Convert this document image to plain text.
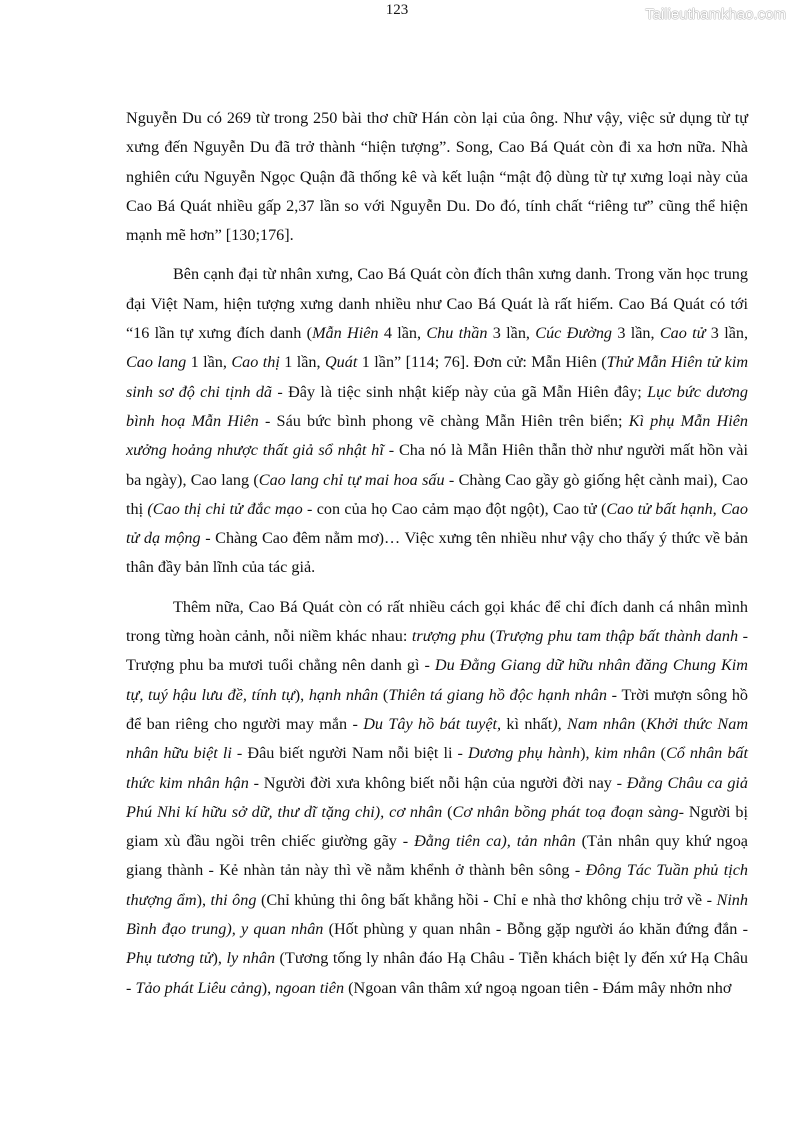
123	Tailieuthamkhao.com

Nguyễn Du có 269 từ trong 250 bài thơ chữ Hán còn lại của ông. Như vậy, việc sử dụng từ tự xưng đến Nguyễn Du đã trở thành “hiện tượng”. Song, Cao Bá Quát còn đi xa hơn nữa. Nhà nghiên cứu Nguyễn Ngọc Quận đã thống kê và kết luận “mật độ dùng từ tự xưng loại này của Cao Bá Quát nhiều gấp 2,37 lần so với Nguyễn Du. Do đó, tính chất “riêng tư” cũng thể hiện mạnh mẽ hơn” [130;176].

Bên cạnh đại từ nhân xưng, Cao Bá Quát còn đích thân xưng danh. Trong văn học trung đại Việt Nam, hiện tượng xưng danh nhiều như Cao Bá Quát là rất hiếm. Cao Bá Quát có tới “16 lần tự xưng đích danh (Mẫn Hiên 4 lần, Chu thần 3 lần, Cúc Đường 3 lần, Cao tử 3 lần, Cao lang 1 lần, Cao thị 1 lần, Quát 1 lần” [114; 76]. Đơn cử: Mẫn Hiên (Thử Mẫn Hiên tử kim sinh sơ độ chi tịnh dã - Đây là tiệc sinh nhật kiếp này của gã Mẫn Hiên đây; Lục bức dương bình hoạ Mẫn Hiên - Sáu bức bình phong vẽ chàng Mẫn Hiên trên biển; Kì phụ Mẫn Hiên xưởng hoảng nhược thất giả sổ nhật hĩ - Cha nó là Mẫn Hiên thẫn thờ như người mất hồn vài ba ngày), Cao lang (Cao lang chỉ tự mai hoa sấu - Chàng Cao gầy gò giống hệt cành mai), Cao thị (Cao thị chi tử đắc mạo - con của họ Cao cảm mạo đột ngột), Cao tử (Cao tử bất hạnh, Cao tử dạ mộng - Chàng Cao đêm nằm mơ)… Việc xưng tên nhiều như vậy cho thấy ý thức về bản thân đầy bản lĩnh của tác giả.

Thêm nữa, Cao Bá Quát còn có rất nhiều cách gọi khác để chỉ đích danh cá nhân mình trong từng hoàn cảnh, nỗi niềm khác nhau: trượng phu (Trượng phu tam thập bất thành danh - Trượng phu ba mươi tuổi chẳng nên danh gì - Du Đằng Giang dữ hữu nhân đăng Chung Kim tự, tuý hậu lưu đề, tính tự), hạnh nhân (Thiên tá giang hồ độc hạnh nhân - Trời mượn sông hồ để ban riêng cho người may mắn - Du Tây hồ bát tuyệt, kì nhất), Nam nhân (Khởi thức Nam nhân hữu biệt li - Đâu biết người Nam nỗi biệt li - Dương phụ hành), kim nhân (Cổ nhân bất thức kim nhân hận - Người đời xưa không biết nỗi hận của người đời nay - Đằng Châu ca giả Phú Nhi kí hữu sở dữ, thư dĩ tặng chi), cơ nhân (Cơ nhân bồng phát toạ đoạn sàng- Người bị giam xù đầu ngồi trên chiếc giường gãy - Đằng tiên ca), tản nhân (Tản nhân quy khứ ngoạ giang thành - Kẻ nhàn tản này thì về nằm khểnh ở thành bên sông - Đông Tác Tuần phủ tịch thượng ẩm), thi ông (Chỉ khủng thi ông bất khẳng hồi - Chỉ e nhà thơ không chịu trở về - Ninh Bình đạo trung), y quan nhân (Hốt phùng y quan nhân - Bỗng gặp người áo khăn đứng đắn - Phụ tương tử), ly nhân (Tương tống ly nhân đáo Hạ Châu - Tiễn khách biệt ly đến xứ Hạ Châu - Tảo phát Liêu cảng), ngoan tiên (Ngoan vân thâm xứ ngoạ ngoan tiên - Đám mây nhởn nhơ
